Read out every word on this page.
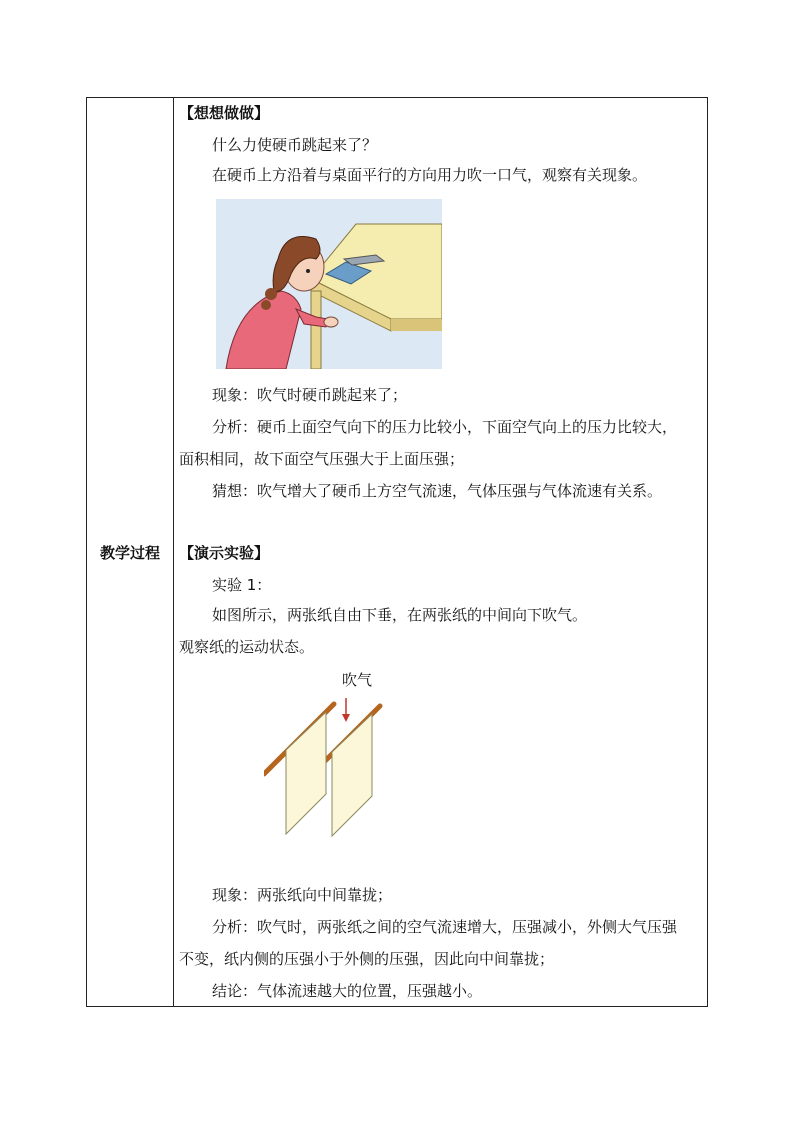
教学过程
【想想做做】
什么力使硬币跳起来了？
在硬币上方沿着与桌面平行的方向用力吹一口气，观察有关现象。
现象：吹气时硬币跳起来了；
分析：硬币上面空气向下的压力比较小，下面空气向上的压力比较大，
面积相同，故下面空气压强大于上面压强；
猜想：吹气增大了硬币上方空气流速，气体压强与气体流速有关系。
【演示实验】
实验 1：
如图所示，两张纸自由下垂，在两张纸的中间向下吹气。
观察纸的运动状态。
吹气
现象：两张纸向中间靠拢；
分析：吹气时，两张纸之间的空气流速增大，压强减小，外侧大气压强
不变，纸内侧的压强小于外侧的压强，因此向中间靠拢；
结论：气体流速越大的位置，压强越小。
